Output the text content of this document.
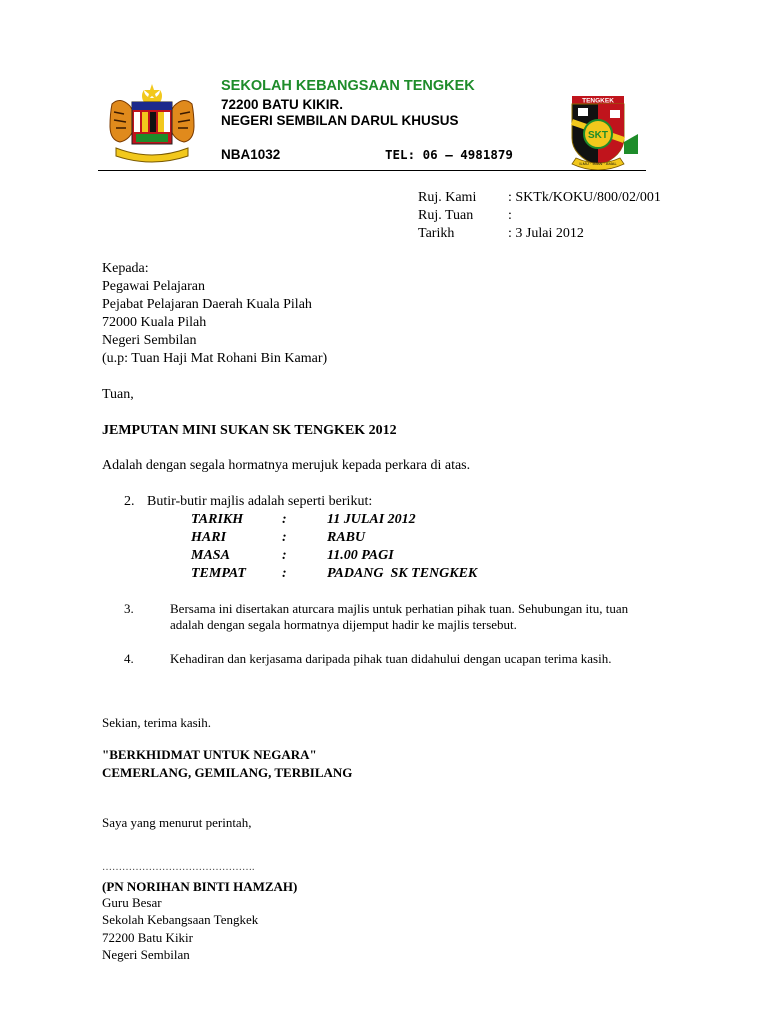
SEKOLAH KEBANGSAAN TENGKEK
72200 BATU KIKIR.
NEGERI SEMBILAN DARUL KHUSUS
NBA1032	TEL: 06 – 4981879
TENGKEK
SKT
ILMU · IMAN · AMAL
Ruj. Kami : SKTk/KOKU/800/02/001
Ruj. Tuan :
Tarikh	: 3 Julai 2012
Kepada:
Pegawai Pelajaran
Pejabat Pelajaran Daerah Kuala Pilah
72000 Kuala Pilah
Negeri Sembilan
(u.p: Tuan Haji Mat Rohani Bin Kamar)
Tuan,
JEMPUTAN MINI SUKAN SK TENGKEK 2012
Adalah dengan segala hormatnya merujuk kepada perkara di atas.
2. Butir-butir majlis adalah seperti berikut:
TARIKH	:	11 JULAI 2012
HARI	:	RABU
MASA	:	11.00 PAGI
TEMPAT	:	PADANG  SK TENGKEK
3.	Bersama ini disertakan aturcara majlis untuk perhatian pihak tuan. Sehubungan itu, tuan
adalah dengan segala hormatnya dijemput hadir ke majlis tersebut.
4.	Kehadiran dan kerjasama daripada pihak tuan didahului dengan ucapan terima kasih.
Sekian, terima kasih.
"BERKHIDMAT UNTUK NEGARA"
CEMERLANG, GEMILANG, TERBILANG
Saya yang menurut perintah,
……………………………………….
(PN NORIHAN BINTI HAMZAH)
Guru Besar
Sekolah Kebangsaan Tengkek
72200 Batu Kikir
Negeri Sembilan
